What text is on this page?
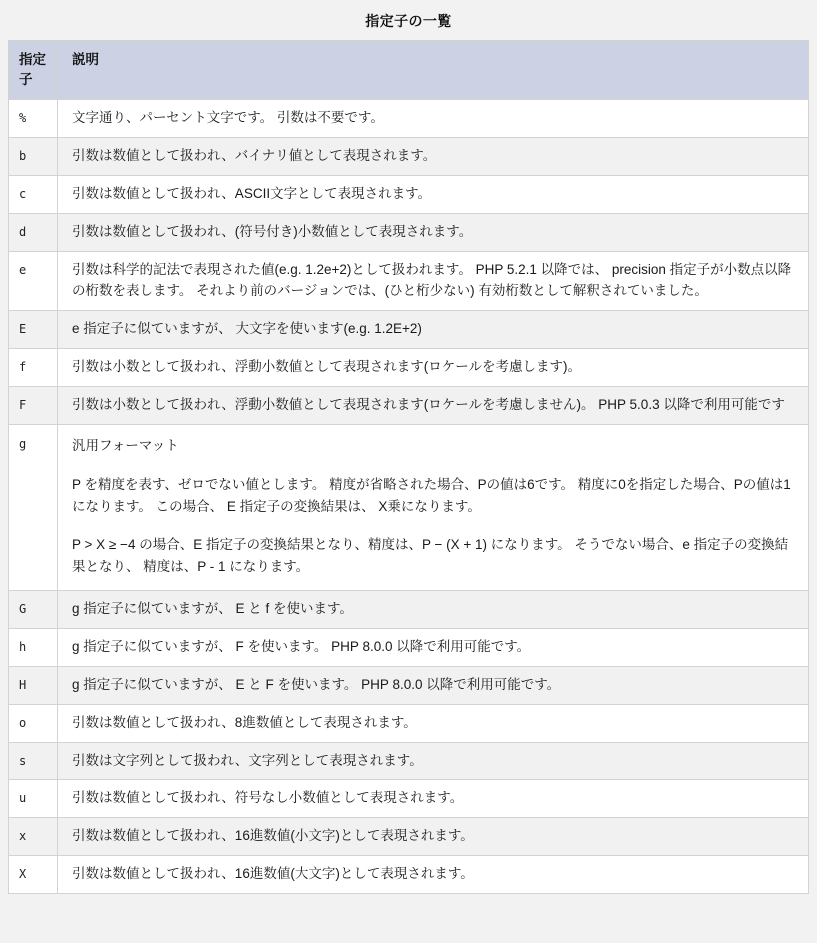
指定子の一覧
指定子	説明
%	文字通り、パーセント文字です。 引数は不要です。

b	引数は数値として扱われ、バイナリ値として表現されます。

c	引数は数値として扱われ、ASCII文字として表現されます。

d	引数は数値として扱われ、(符号付き)小数値として表現されます。

e	引数は科学的記法で表現された値(e.g. 1.2e+2)として扱われます。 PHP 5.2.1 以降では、 precision 指定子が小数点以降の桁数を表します。 それより前のバージョンでは、(ひと桁少ない) 有効桁数として解釈されていました。

E	e 指定子に似ていますが、 大文字を使います(e.g. 1.2E+2)

f	引数は小数として扱われ、浮動小数値として表現されます(ロケールを考慮します)。

F	引数は小数として扱われ、浮動小数値として表現されます(ロケールを考慮しません)。 PHP 5.0.3 以降で利用可能です

g	汎用フォーマット

P を精度を表す、ゼロでない値とします。 精度が省略された場合、Pの値は6です。 精度に0を指定した場合、Pの値は1になります。 この場合、 E 指定子の変換結果は、 X乗になります。

P > X ≥ −4 の場合、E 指定子の変換結果となり、精度は、P − (X + 1) になります。 そうでない場合、e 指定子の変換結果となり、 精度は、P - 1 になります。

G	g 指定子に似ていますが、 E と f を使います。

h	g 指定子に似ていますが、 F を使います。 PHP 8.0.0 以降で利用可能です。

H	g 指定子に似ていますが、 E と F を使います。 PHP 8.0.0 以降で利用可能です。

o	引数は数値として扱われ、8進数値として表現されます。

s	引数は文字列として扱われ、文字列として表現されます。

u	引数は数値として扱われ、符号なし小数値として表現されます。

x	引数は数値として扱われ、16進数値(小文字)として表現されます。

X	引数は数値として扱われ、16進数値(大文字)として表現されます。
